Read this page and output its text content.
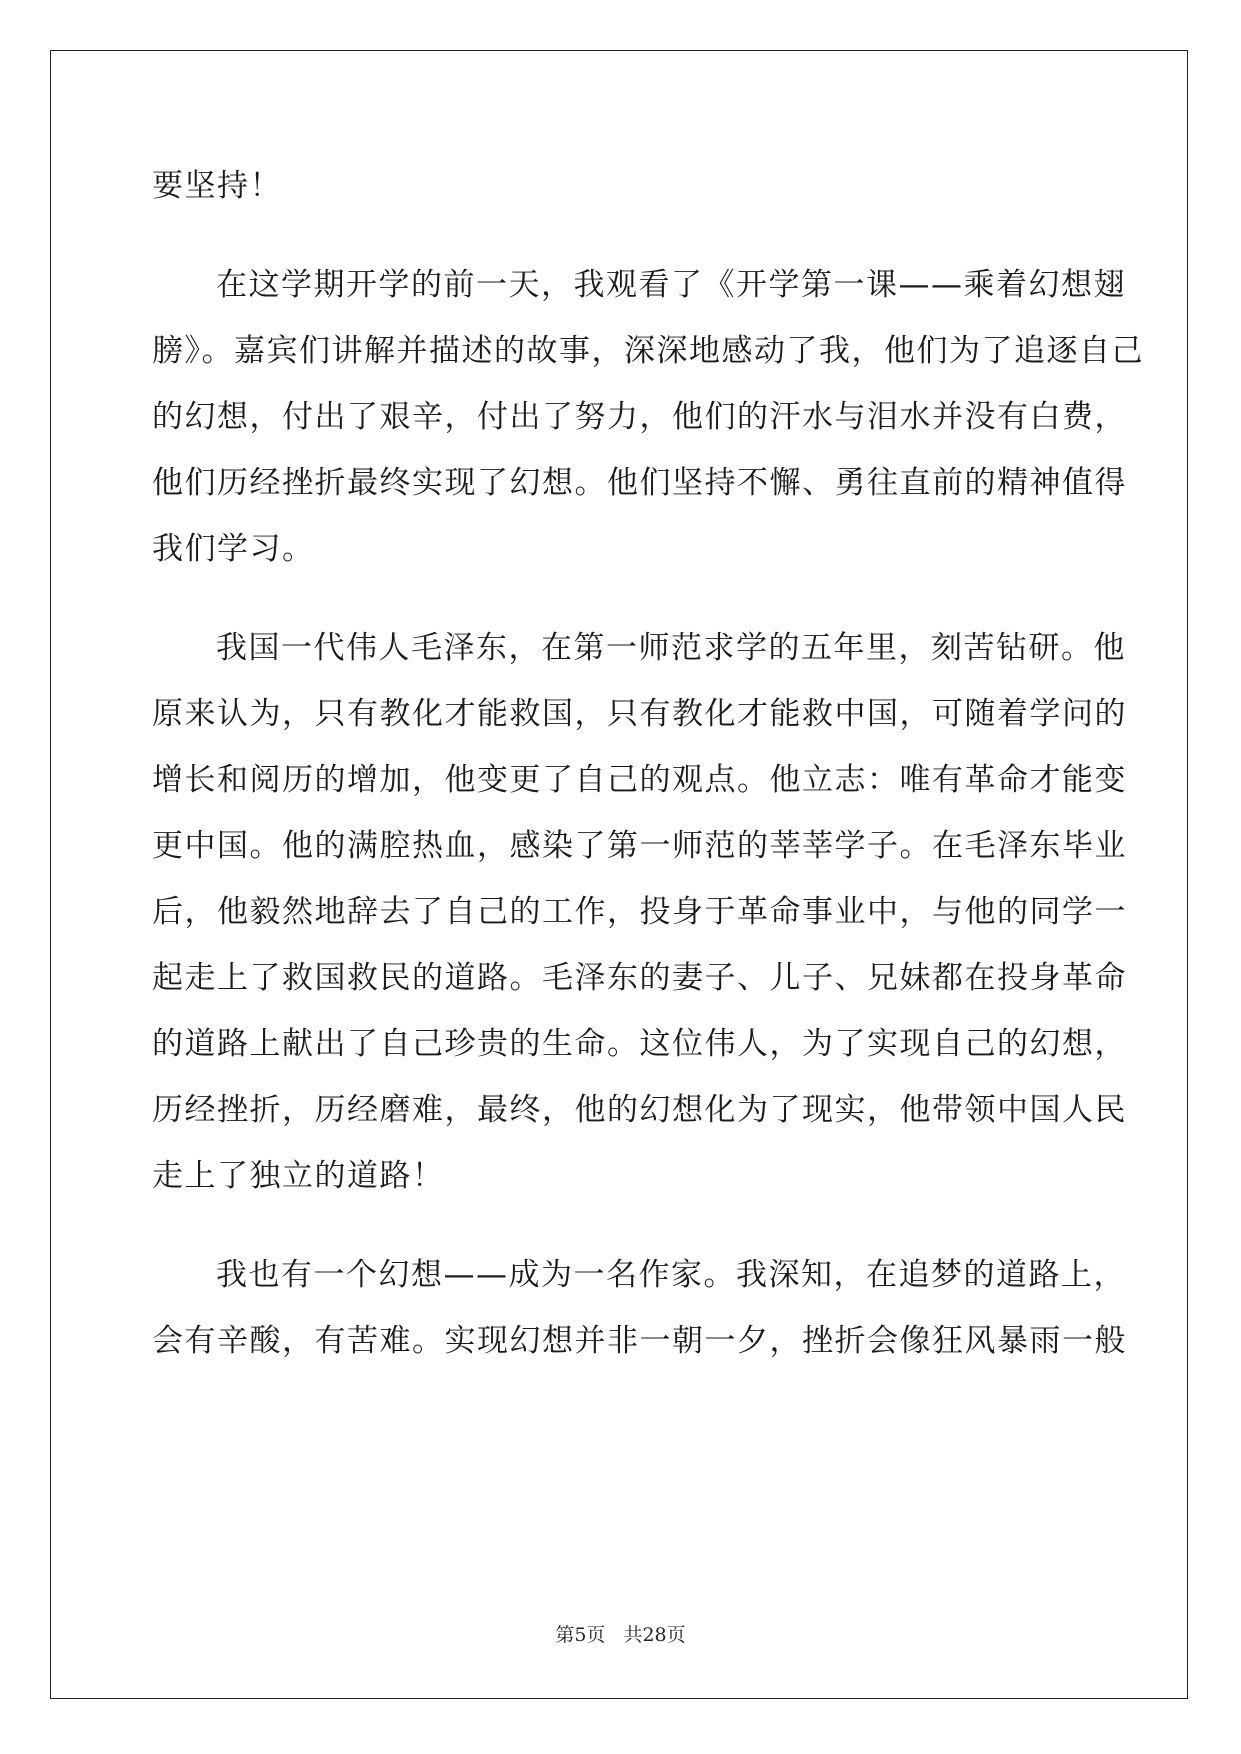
要坚持！
在这学期开学的前一天，我观看了《开学第一课——乘着幻想翅
膀》。嘉宾们讲解并描述的故事，深深地感动了我，他们为了追逐自己
的幻想，付出了艰辛，付出了努力，他们的汗水与泪水并没有白费，
他们历经挫折最终实现了幻想。他们坚持不懈、勇往直前的精神值得
我们学习。
我国一代伟人毛泽东，在第一师范求学的五年里，刻苦钻研。他
原来认为，只有教化才能救国，只有教化才能救中国，可随着学问的
增长和阅历的增加，他变更了自己的观点。他立志：唯有革命才能变
更中国。他的满腔热血，感染了第一师范的莘莘学子。在毛泽东毕业
后，他毅然地辞去了自己的工作，投身于革命事业中，与他的同学一
起走上了救国救民的道路。毛泽东的妻子、儿子、兄妹都在投身革命
的道路上献出了自己珍贵的生命。这位伟人，为了实现自己的幻想，
历经挫折，历经磨难，最终，他的幻想化为了现实，他带领中国人民
走上了独立的道路！
我也有一个幻想——成为一名作家。我深知，在追梦的道路上，
会有辛酸，有苦难。实现幻想并非一朝一夕，挫折会像狂风暴雨一般
第5页 共28页
